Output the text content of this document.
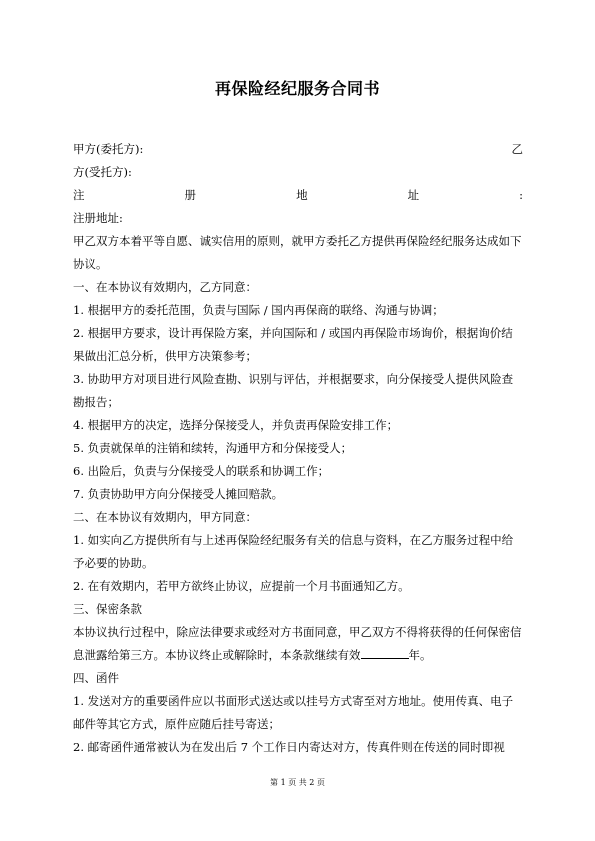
再保险经纪服务合同书
甲方(委托方):	乙
方(受托方):
注	册	地	址	:
注册地址:
甲乙双方本着平等自愿、诚实信用的原则，就甲方委托乙方提供再保险经纪服务达成如下协议。
一、在本协议有效期内，乙方同意：
1. 根据甲方的委托范围，负责与国际 / 国内再保商的联络、沟通与协调；
2. 根据甲方要求，设计再保险方案，并向国际和 / 或国内再保险市场询价，根据询价结果做出汇总分析，供甲方决策参考；
3. 协助甲方对项目进行风险查勘、识别与评估，并根据要求，向分保接受人提供风险查勘报告；
4. 根据甲方的决定，选择分保接受人，并负责再保险安排工作；
5. 负责就保单的注销和续转，沟通甲方和分保接受人；
6. 出险后，负责与分保接受人的联系和协调工作；
7. 负责协助甲方向分保接受人摊回赔款。
二、在本协议有效期内，甲方同意：
1. 如实向乙方提供所有与上述再保险经纪服务有关的信息与资料，在乙方服务过程中给予必要的协助。
2. 在有效期内，若甲方欲终止协议，应提前一个月书面通知乙方。
三、保密条款
本协议执行过程中，除应法律要求或经对方书面同意，甲乙双方不得将获得的任何保密信息泄露给第三方。本协议终止或解除时，本条款继续有效	年。
四、函件
1. 发送对方的重要函件应以书面形式送达或以挂号方式寄至对方地址。使用传真、电子邮件等其它方式，原件应随后挂号寄送；
2. 邮寄函件通常被认为在发出后 7 个工作日内寄达对方，传真件则在传送的同时即视
第 1 页 共 2 页
